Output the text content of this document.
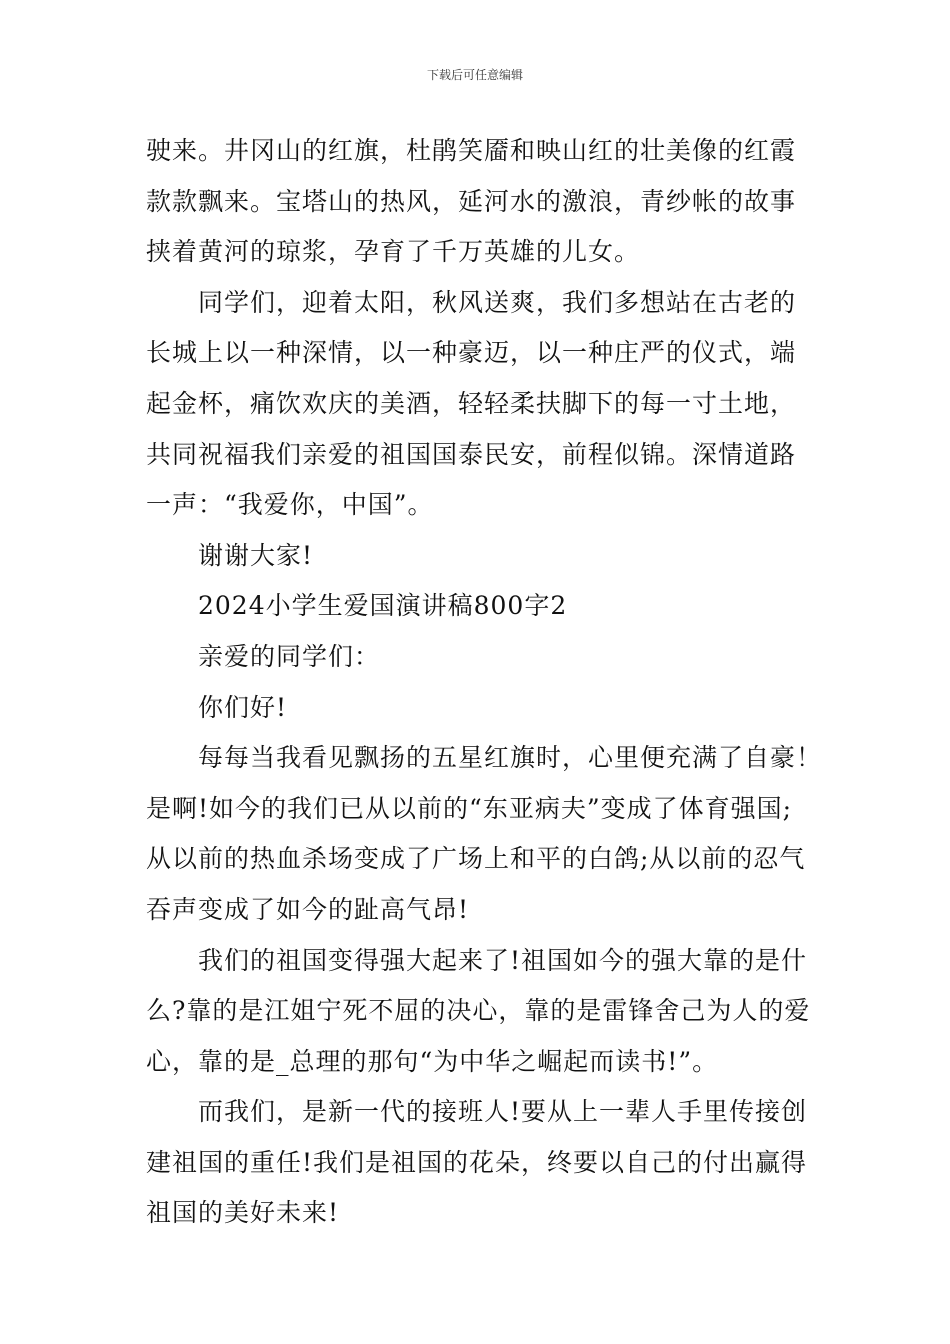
下载后可任意编辑
驶来。井冈山的红旗，杜鹃笑靥和映山红的壮美像的红霞
款款飘来。宝塔山的热风，延河水的激浪，青纱帐的故事
挟着黄河的琼浆，孕育了千万英雄的儿女。
同学们，迎着太阳，秋风送爽，我们多想站在古老的
长城上以一种深情，以一种豪迈，以一种庄严的仪式，端
起金杯，痛饮欢庆的美酒，轻轻柔扶脚下的每一寸土地，
共同祝福我们亲爱的祖国国泰民安，前程似锦。深情道路
一声：“我爱你，中国”。
谢谢大家!
2024小学生爱国演讲稿800字2
亲爱的同学们：
你们好!
每每当我看见飘扬的五星红旗时，心里便充满了自豪！
是啊!如今的我们已从以前的“东亚病夫”变成了体育强国;
从以前的热血杀场变成了广场上和平的白鸽;从以前的忍气
吞声变成了如今的趾高气昂!
我们的祖国变得强大起来了!祖国如今的强大靠的是什
么?靠的是江姐宁死不屈的决心，靠的是雷锋舍己为人的爱
心，靠的是_总理的那句“为中华之崛起而读书!”。
而我们，是新一代的接班人!要从上一辈人手里传接创
建祖国的重任!我们是祖国的花朵，终要以自己的付出赢得
祖国的美好未来!
